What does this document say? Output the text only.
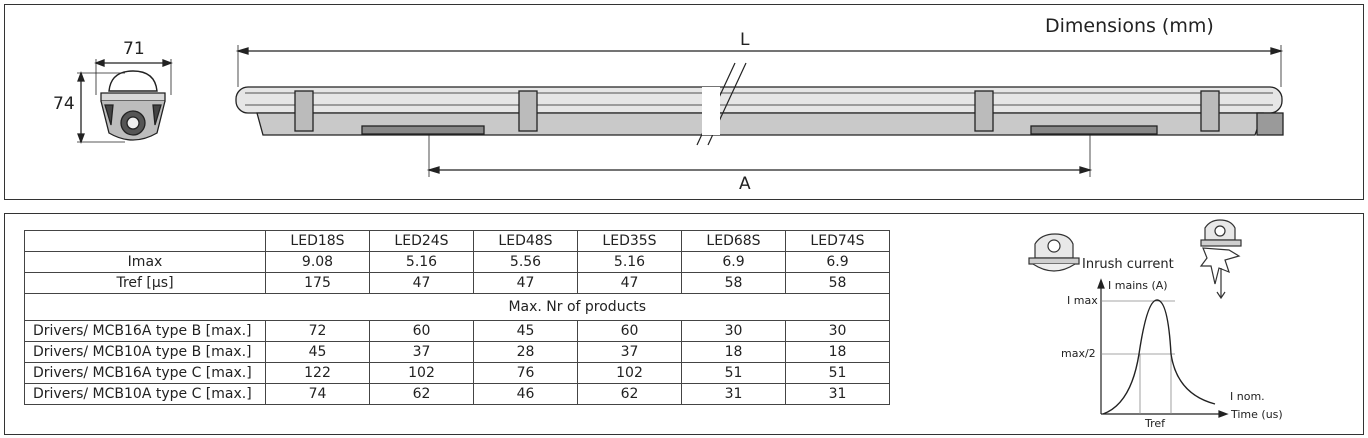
Dimensions (mm)
71
74
L
A
	LED18S	LED24S	LED48S	LED35S	LED68S	LED74S
Imax	9.08	5.16	5.56	5.16	6.9	6.9
Tref [µs]	175	47	47	47	58	58
	Max. Nr of products					
Drivers/ MCB16A type B [max.]	72	60	45	60	30	30
Drivers/ MCB10A type B [max.]	45	37	28	37	18	18
Drivers/ MCB16A type C [max.]	122	102	76	102	51	51
Drivers/ MCB10A type C [max.]	74	62	46	62	31	31
Inrush current
I mains (A)
I max
max/2
I nom.
Time (us)
Tref
